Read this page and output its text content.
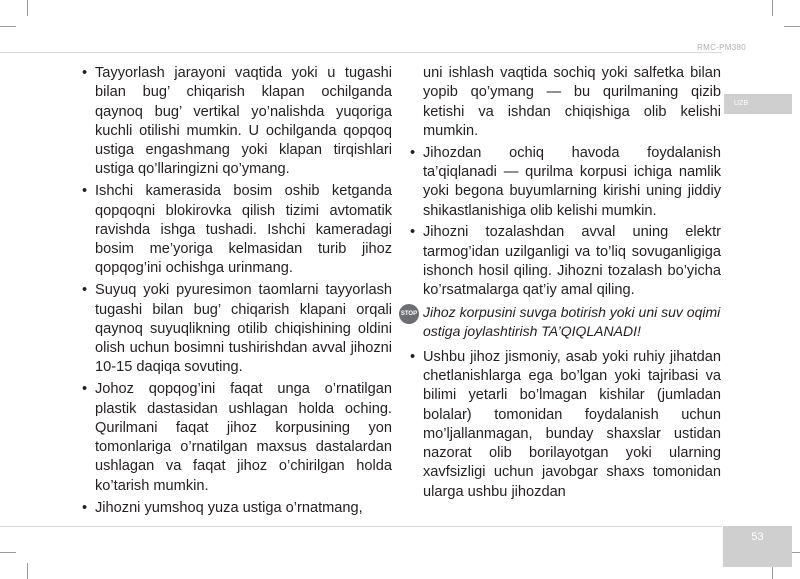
RMC-PM380
UZB
• Tayyorlash jarayoni vaqtida yoki u tugashi bilan bug’ chiqarish klapan ochilganda qaynoq bug’ vertikal yo’nalishda yuqoriga kuchli otilishi mumkin. U ochilganda qopqoq ustiga engashmang yoki klapan tirqishlari ustiga qo’llaringizni qo’ymang.
• Ishchi kamerasida bosim oshib ketganda qopqoqni blokirovka qilish tizimi avtomatik ravishda ishga tushadi. Ishchi kameradagi bosim me’yoriga kelmasidan turib jihoz qopqog’ini ochishga urinmang.
• Suyuq yoki pyuresimon taomlarni tayyorlash tugashi bilan bug’ chiqarish klapani orqali qaynoq suyuqlikning otilib chiqishining oldini olish uchun bosimni tushirishdan avval jihozni 10-15 daqiqa sovuting.
• Johoz qopqog’ini faqat unga o’rnatilgan plastik dastasidan ushlagan holda oching. Qurilmani faqat jihoz korpusining yon tomonlariga o’rnatilgan maxsus dastalardan ushlagan va faqat jihoz o’chirilgan holda ko’tarish mumkin.
• Jihozni yumshoq yuza ustiga o’rnatmang,
uni ishlash vaqtida sochiq yoki salfetka bilan yopib qo’ymang — bu qurilmaning qizib ketishi va ishdan chiqishiga olib kelishi mumkin.
• Jihozdan ochiq havoda foydalanish ta’qiqlanadi — qurilma korpusi ichiga namlik yoki begona buyumlarning kirishi uning jiddiy shikastlanishiga olib kelishi mumkin.
• Jihozni tozalashdan avval uning elektr tarmog’idan uzilganligi va to’liq sovuganligiga ishonch hosil qiling. Jihozni tozalash bo’yicha ko’rsatmalarga qat’iy amal qiling.
STOP Jihoz korpusini suvga botirish yoki uni suv oqimi ostiga joylashtirish TA’QIQLANADI!
• Ushbu jihoz jismoniy, asab yoki ruhiy jihatdan chetlanishlarga ega bo’lgan yoki tajribasi va bilimi yetarli bo’lmagan kishilar (jumladan bolalar) tomonidan foydalanish uchun mo’ljallanmagan, bunday shaxslar ustidan nazorat olib borilayotgan yoki ularning xavfsizligi uchun javobgar shaxs tomonidan ularga ushbu jihozdan
53
